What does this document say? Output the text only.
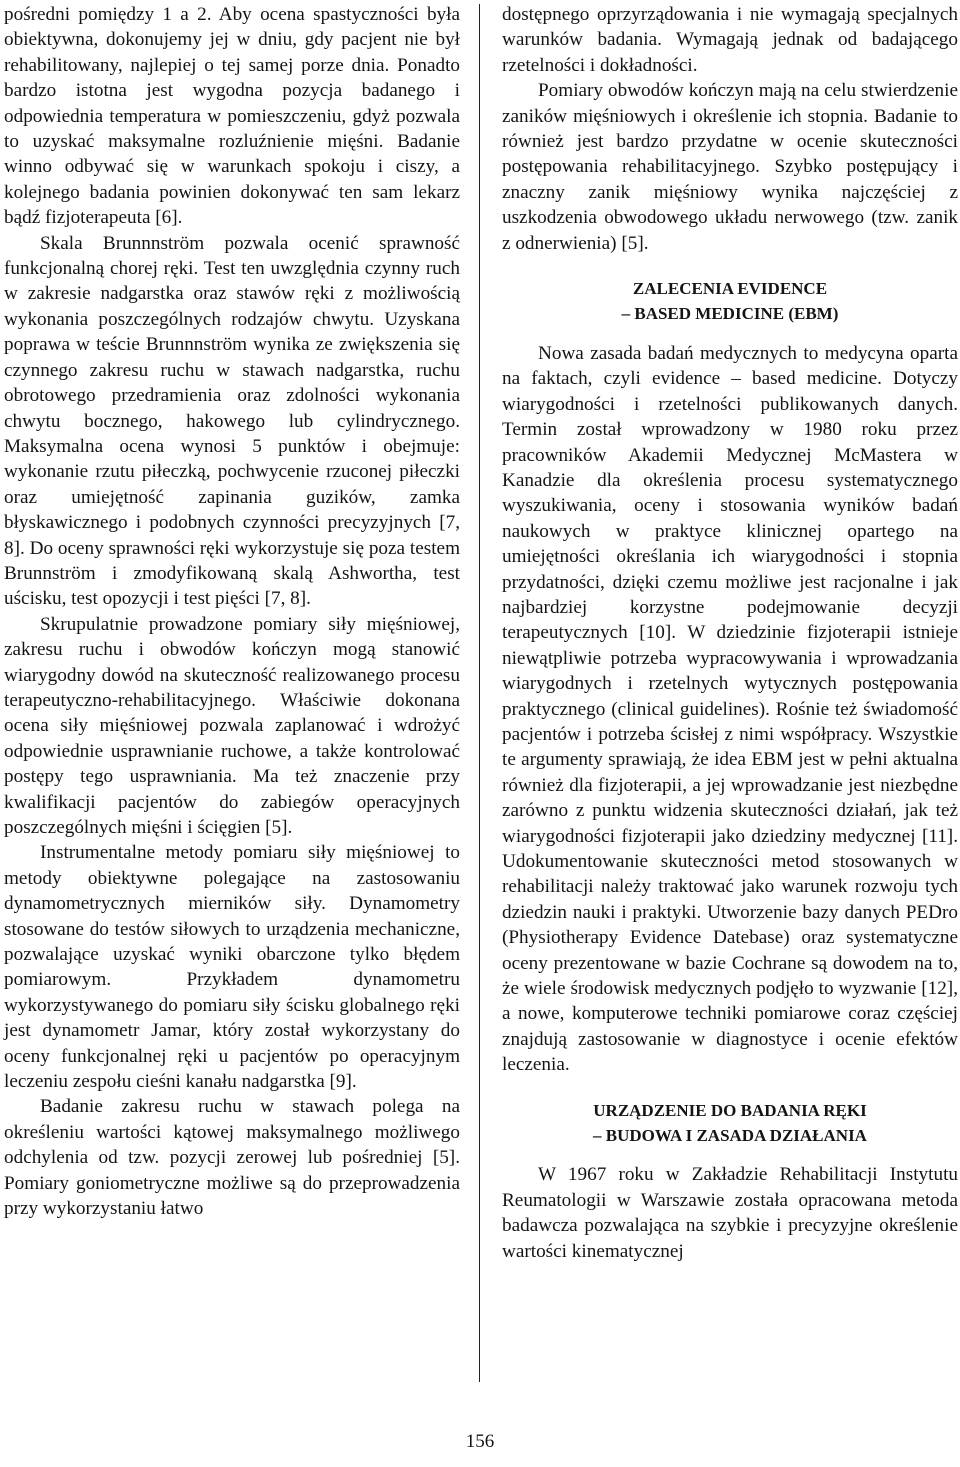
pośredni pomiędzy 1 a 2. Aby ocena spastyczności była obiektywna, dokonujemy jej w dniu, gdy pacjent nie był rehabilitowany, najlepiej o tej samej porze dnia. Ponadto bardzo istotna jest wygodna pozycja badanego i odpowiednia temperatura w pomieszczeniu, gdyż pozwala to uzyskać maksymalne rozluźnienie mięśni. Badanie winno odbywać się w warunkach spokoju i ciszy, a kolejnego badania powinien dokonywać ten sam lekarz bądź fizjoterapeuta [6].

Skala Brunnnström pozwala ocenić sprawność funkcjonalną chorej ręki. Test ten uwzględnia czynny ruch w zakresie nadgarstka oraz stawów ręki z możliwością wykonania poszczególnych rodzajów chwytu. Uzyskana poprawa w teście Brunnnström wynika ze zwiększenia się czynnego zakresu ruchu w stawach nadgarstka, ruchu obrotowego przedramienia oraz zdolności wykonania chwytu bocznego, hakowego lub cylindrycznego. Maksymalna ocena wynosi 5 punktów i obejmuje: wykonanie rzutu piłeczką, pochwycenie rzuconej piłeczki oraz umiejętność zapinania guzików, zamka błyskawicznego i podobnych czynności precyzyjnych [7, 8]. Do oceny sprawności ręki wykorzystuje się poza testem Brunnström i zmodyfikowaną skalą Ashwortha, test uścisku, test opozycji i test pięści [7, 8].

Skrupulatnie prowadzone pomiary siły mięśniowej, zakresu ruchu i obwodów kończyn mogą stanowić wiarygodny dowód na skuteczność realizowanego procesu terapeutyczno-rehabilitacyjnego. Właściwie dokonana ocena siły mięśniowej pozwala zaplanować i wdrożyć odpowiednie usprawnianie ruchowe, a także kontrolować postępy tego usprawniania. Ma też znaczenie przy kwalifikacji pacjentów do zabiegów operacyjnych poszczególnych mięśni i ścięgien [5].

Instrumentalne metody pomiaru siły mięśniowej to metody obiektywne polegające na zastosowaniu dynamometrycznych mierników siły. Dynamometry stosowane do testów siłowych to urządzenia mechaniczne, pozwalające uzyskać wyniki obarczone tylko błędem pomiarowym. Przykładem dynamometru wykorzystywanego do pomiaru siły ścisku globalnego ręki jest dynamometr Jamar, który został wykorzystany do oceny funkcjonalnej ręki u pacjentów po operacyjnym leczeniu zespołu cieśni kanału nadgarstka [9].

Badanie zakresu ruchu w stawach polega na określeniu wartości kątowej maksymalnego możliwego odchylenia od tzw. pozycji zerowej lub pośredniej [5]. Pomiary goniometryczne możliwe są do przeprowadzenia przy wykorzystaniu łatwo

dostępnego oprzyrządowania i nie wymagają specjalnych warunków badania. Wymagają jednak od badającego rzetelności i dokładności.

Pomiary obwodów kończyn mają na celu stwierdzenie zaników mięśniowych i określenie ich stopnia. Badanie to również jest bardzo przydatne w ocenie skuteczności postępowania rehabilitacyjnego. Szybko postępujący i znaczny zanik mięśniowy wynika najczęściej z uszkodzenia obwodowego układu nerwowego (tzw. zanik z odnerwienia) [5].

ZALECENIA EVIDENCE
– BASED MEDICINE (EBM)

Nowa zasada badań medycznych to medycyna oparta na faktach, czyli evidence – based medicine. Dotyczy wiarygodności i rzetelności publikowanych danych. Termin został wprowadzony w 1980 roku przez pracowników Akademii Medycznej McMastera w Kanadzie dla określenia procesu systematycznego wyszukiwania, oceny i stosowania wyników badań naukowych w praktyce klinicznej opartego na umiejętności określania ich wiarygodności i stopnia przydatności, dzięki czemu możliwe jest racjonalne i jak najbardziej korzystne podejmowanie decyzji terapeutycznych [10]. W dziedzinie fizjoterapii istnieje niewątpliwie potrzeba wypracowywania i wprowadzania wiarygodnych i rzetelnych wytycznych postępowania praktycznego (clinical guidelines). Rośnie też świadomość pacjentów i potrzeba ścisłej z nimi współpracy. Wszystkie te argumenty sprawiają, że idea EBM jest w pełni aktualna również dla fizjoterapii, a jej wprowadzanie jest niezbędne zarówno z punktu widzenia skuteczności działań, jak też wiarygodności fizjoterapii jako dziedziny medycznej [11]. Udokumentowanie skuteczności metod stosowanych w rehabilitacji należy traktować jako warunek rozwoju tych dziedzin nauki i praktyki. Utworzenie bazy danych PEDro (Physiotherapy Evidence Datebase) oraz systematyczne oceny prezentowane w bazie Cochrane są dowodem na to, że wiele środowisk medycznych podjęło to wyzwanie [12], a nowe, komputerowe techniki pomiarowe coraz częściej znajdują zastosowanie w diagnostyce i ocenie efektów leczenia.

URZĄDZENIE DO BADANIA RĘKI
– BUDOWA I ZASADA DZIAŁANIA

W 1967 roku w Zakładzie Rehabilitacji Instytutu Reumatologii w Warszawie została opracowana metoda badawcza pozwalająca na szybkie i precyzyjne określenie wartości kinematycznej

156
